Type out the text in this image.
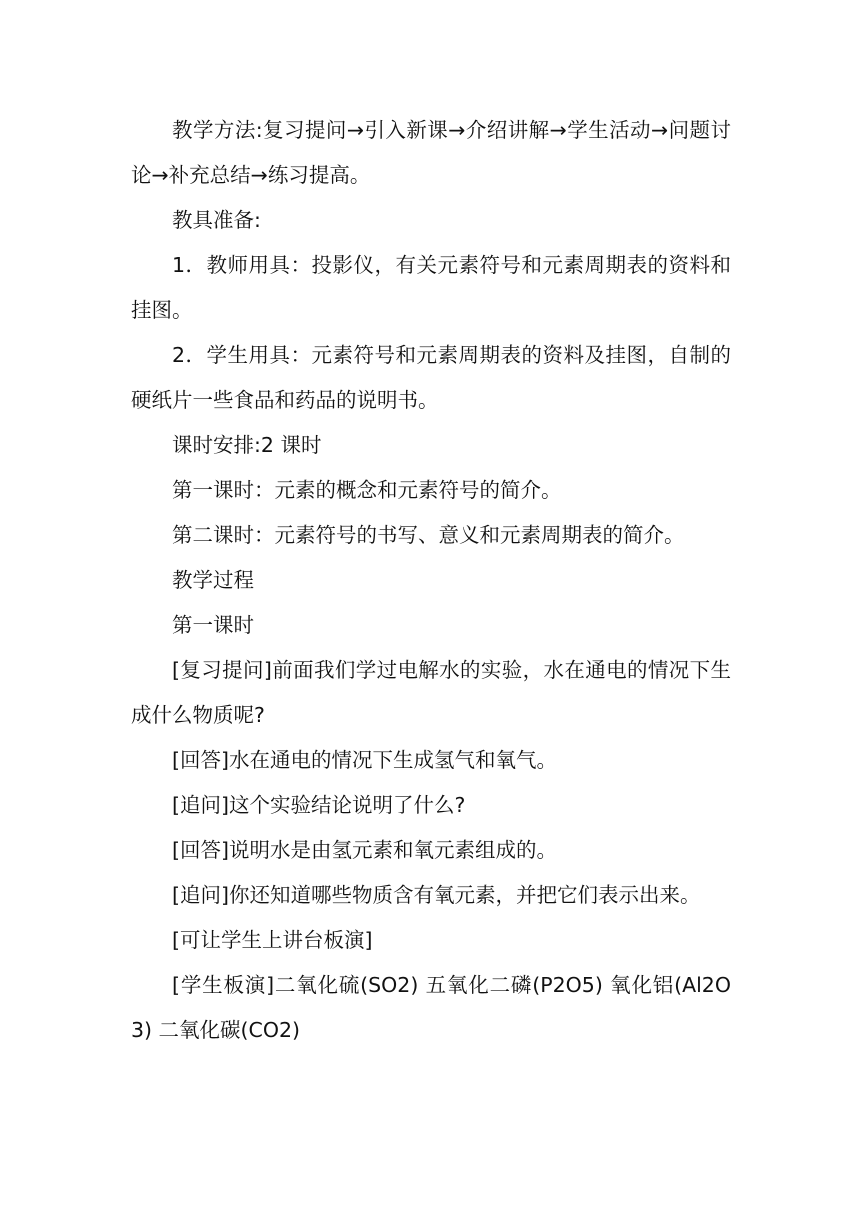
教学方法:复习提问→引入新课→介绍讲解→学生活动→问题讨论→补充总结→练习提高。

教具准备:

1．教师用具：投影仪，有关元素符号和元素周期表的资料和挂图。

2．学生用具：元素符号和元素周期表的资料及挂图，自制的硬纸片一些食品和药品的说明书。

课时安排:2 课时

第一课时：元素的概念和元素符号的简介。

第二课时：元素符号的书写、意义和元素周期表的简介。

教学过程

第一课时

[复习提问]前面我们学过电解水的实验，水在通电的情况下生成什么物质呢?

[回答]水在通电的情况下生成氢气和氧气。

[追问]这个实验结论说明了什么?

[回答]说明水是由氢元素和氧元素组成的。

[追问]你还知道哪些物质含有氧元素，并把它们表示出来。

[可让学生上讲台板演]

[学生板演]二氧化硫(SO2) 五氧化二磷(P2O5) 氧化铝(Al2O3) 二氧化碳(CO2)
